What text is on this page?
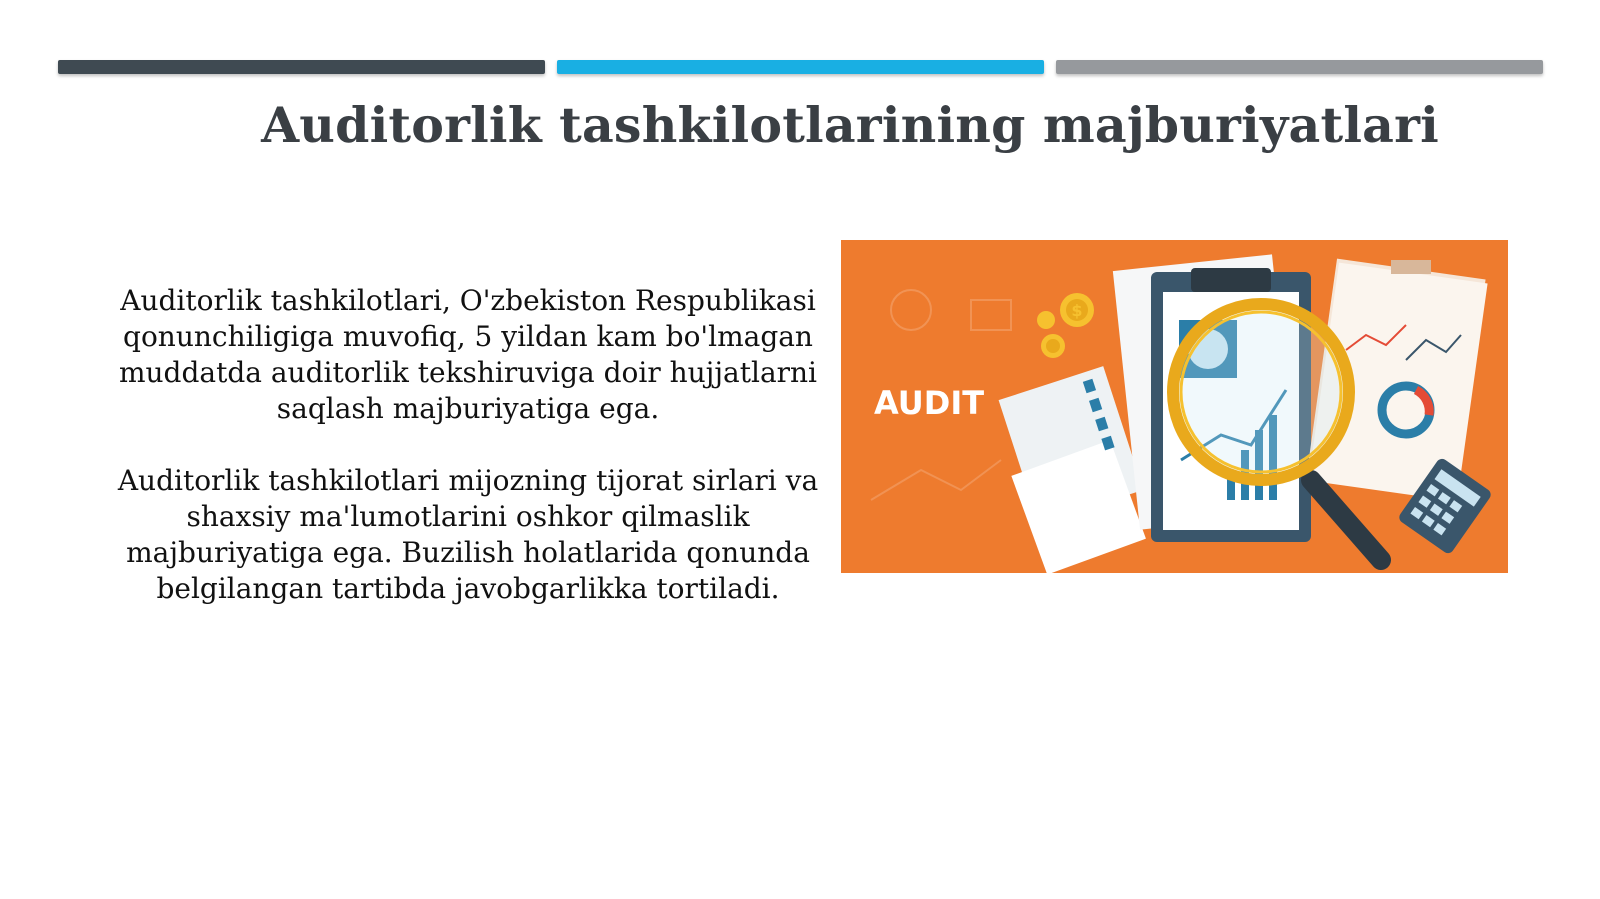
Auditorlik tashkilotlarining majburiyatlari

Auditorlik tashkilotlari, O'zbekiston Respublikasi qonunchiligiga muvofiq, 5 yildan kam bo'lmagan muddatda auditorlik tekshiruviga doir hujjatlarni saqlash majburiyatiga ega.

Auditorlik tashkilotlari mijozning tijorat sirlari va shaxsiy ma'lumotlarini oshkor qilmaslik majburiyatiga ega. Buzilish holatlarida qonunda belgilangan tartibda javobgarlikka tortiladi.

$
AUDIT
